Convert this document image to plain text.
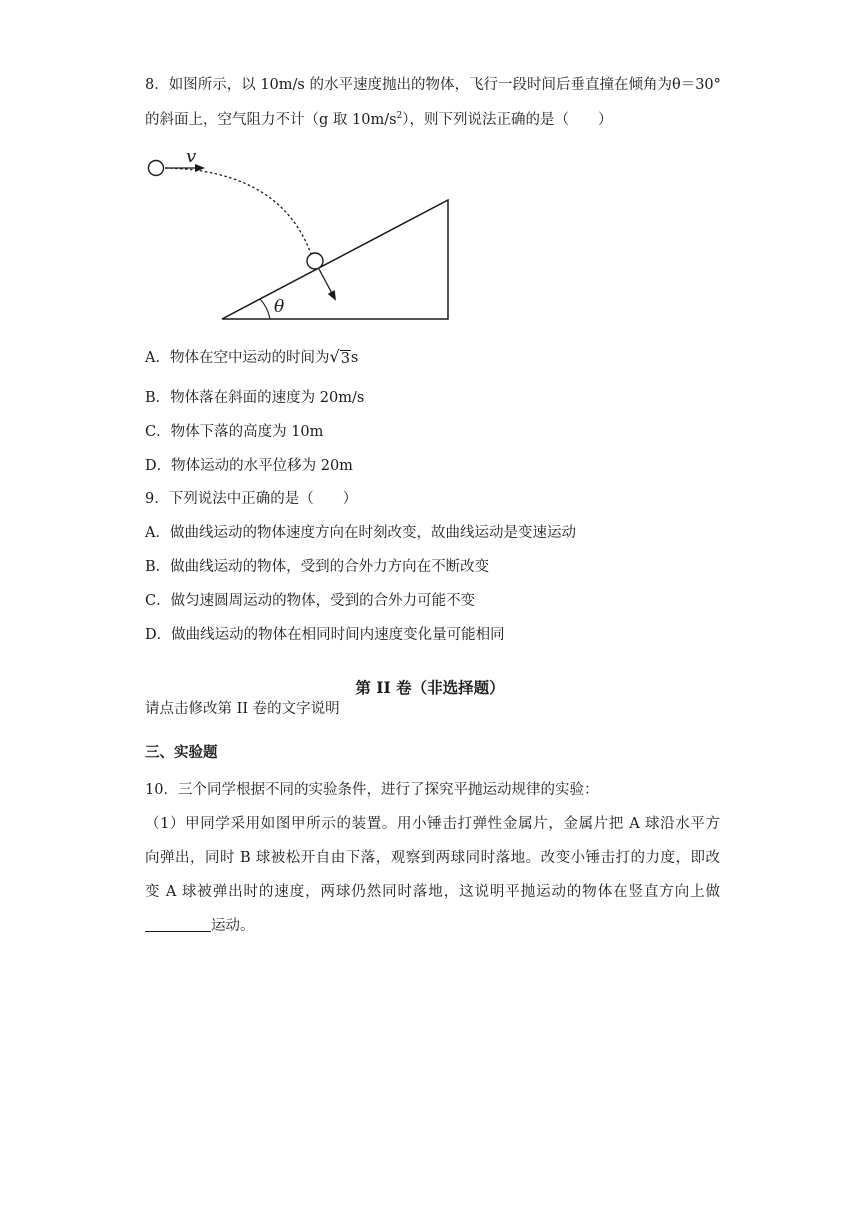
8．如图所示，以 10m/s 的水平速度抛出的物体，飞行一段时间后垂直撞在倾角为θ＝30°
的斜面上，空气阻力不计（g 取 $10m/s^2$），则下列说法正确的是（　　）
v
θ
A．物体在空中运动的时间为 √ 3 s
B．物体落在斜面的速度为 20m/s
C．物体下落的高度为 10m
D．物体运动的水平位移为 20m
9．下列说法中正确的是（　　）
A．做曲线运动的物体速度方向在时刻改变，故曲线运动是变速运动
B．做曲线运动的物体，受到的合外力方向在不断改变
C．做匀速圆周运动的物体，受到的合外力可能不变
D．做曲线运动的物体在相同时间内速度变化量可能相同
第 II 卷（非选择题）
请点击修改第 II 卷的文字说明
三、实验题
10．三个同学根据不同的实验条件，进行了探究平抛运动规律的实验：
（1）甲同学采用如图甲所示的装置。用小锤击打弹性金属片，金属片把 A 球沿水平方
向弹出，同时 B 球被松开自由下落，观察到两球同时落地。改变小锤击打的力度，即改
变 A 球被弹出时的速度，两球仍然同时落地，这说明平抛运动的物体在竖直方向上做
运动。
